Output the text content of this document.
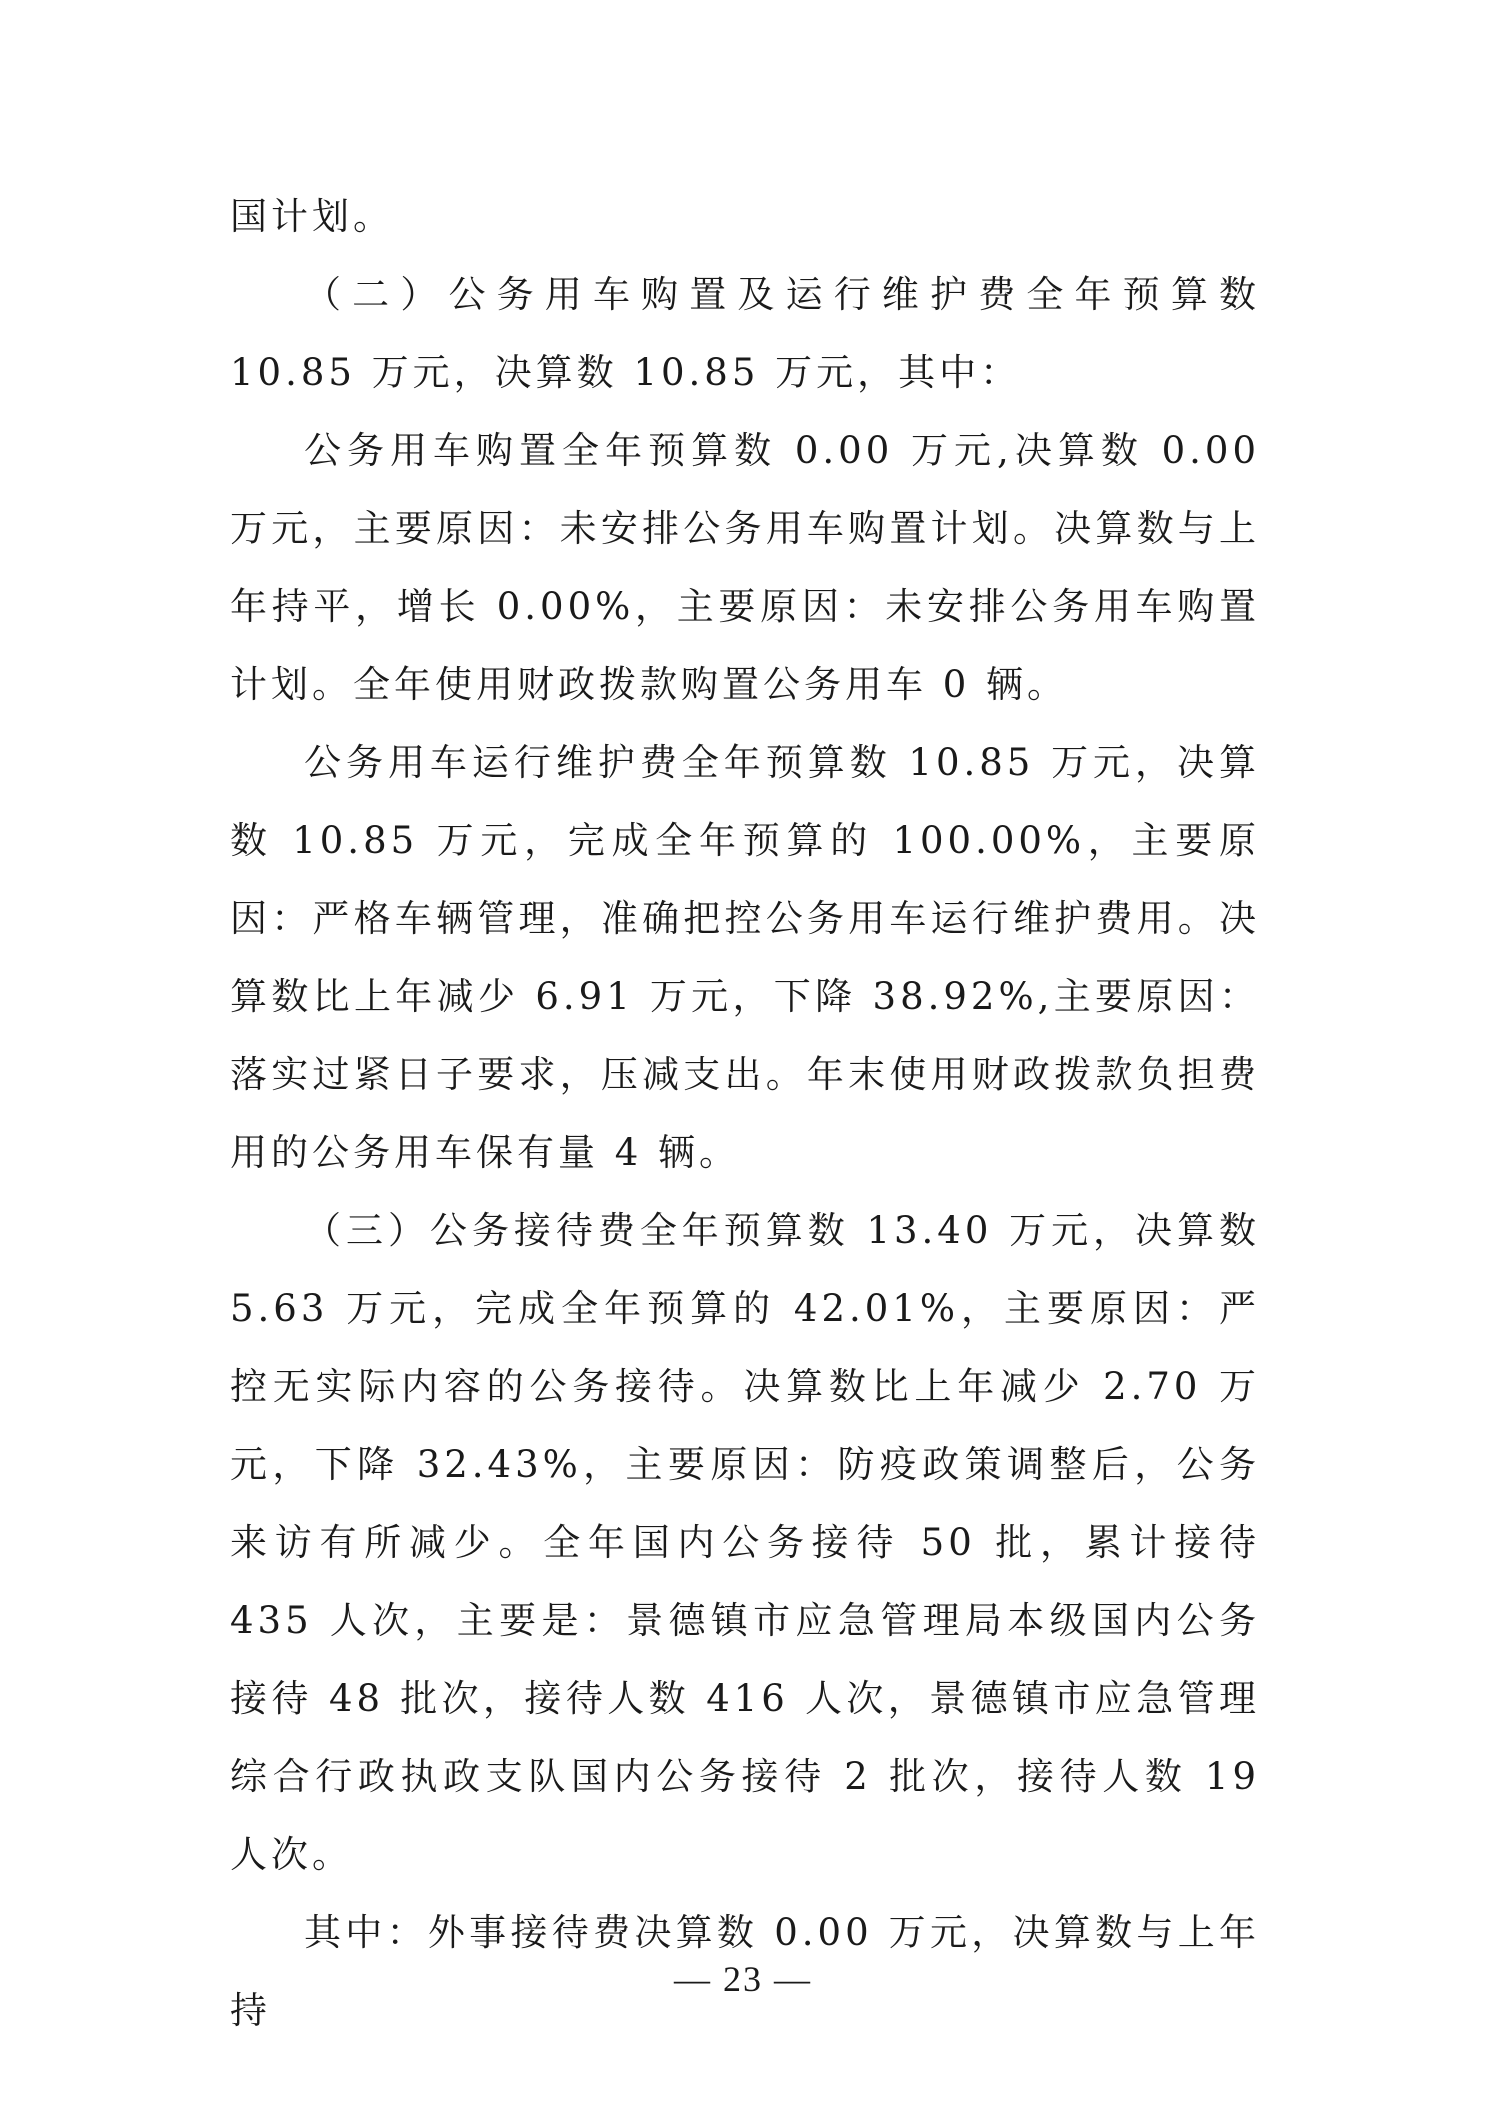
国计划。

（二）公务用车购置及运行维护费全年预算数 10.85 万元，决算数 10.85 万元，其中：

公务用车购置全年预算数 0.00 万元,决算数 0.00 万元，主要原因：未安排公务用车购置计划。决算数与上年持平，增长 0.00%，主要原因：未安排公务用车购置计划。全年使用财政拨款购置公务用车 0 辆。

公务用车运行维护费全年预算数 10.85 万元，决算数 10.85 万元，完成全年预算的 100.00%，主要原因：严格车辆管理，准确把控公务用车运行维护费用。决算数比上年减少 6.91 万元，下降 38.92%,主要原因：落实过紧日子要求，压减支出。年末使用财政拨款负担费用的公务用车保有量 4 辆。

（三）公务接待费全年预算数 13.40 万元，决算数 5.63 万元，完成全年预算的 42.01%，主要原因：严控无实际内容的公务接待。决算数比上年减少 2.70 万元，下降 32.43%，主要原因：防疫政策调整后，公务来访有所减少。全年国内公务接待 50 批，累计接待 435 人次，主要是：景德镇市应急管理局本级国内公务接待 48 批次，接待人数 416 人次，景德镇市应急管理综合行政执政支队国内公务接待 2 批次，接待人数 19 人次。

其中：外事接待费决算数 0.00 万元，决算数与上年持

— 23 —
